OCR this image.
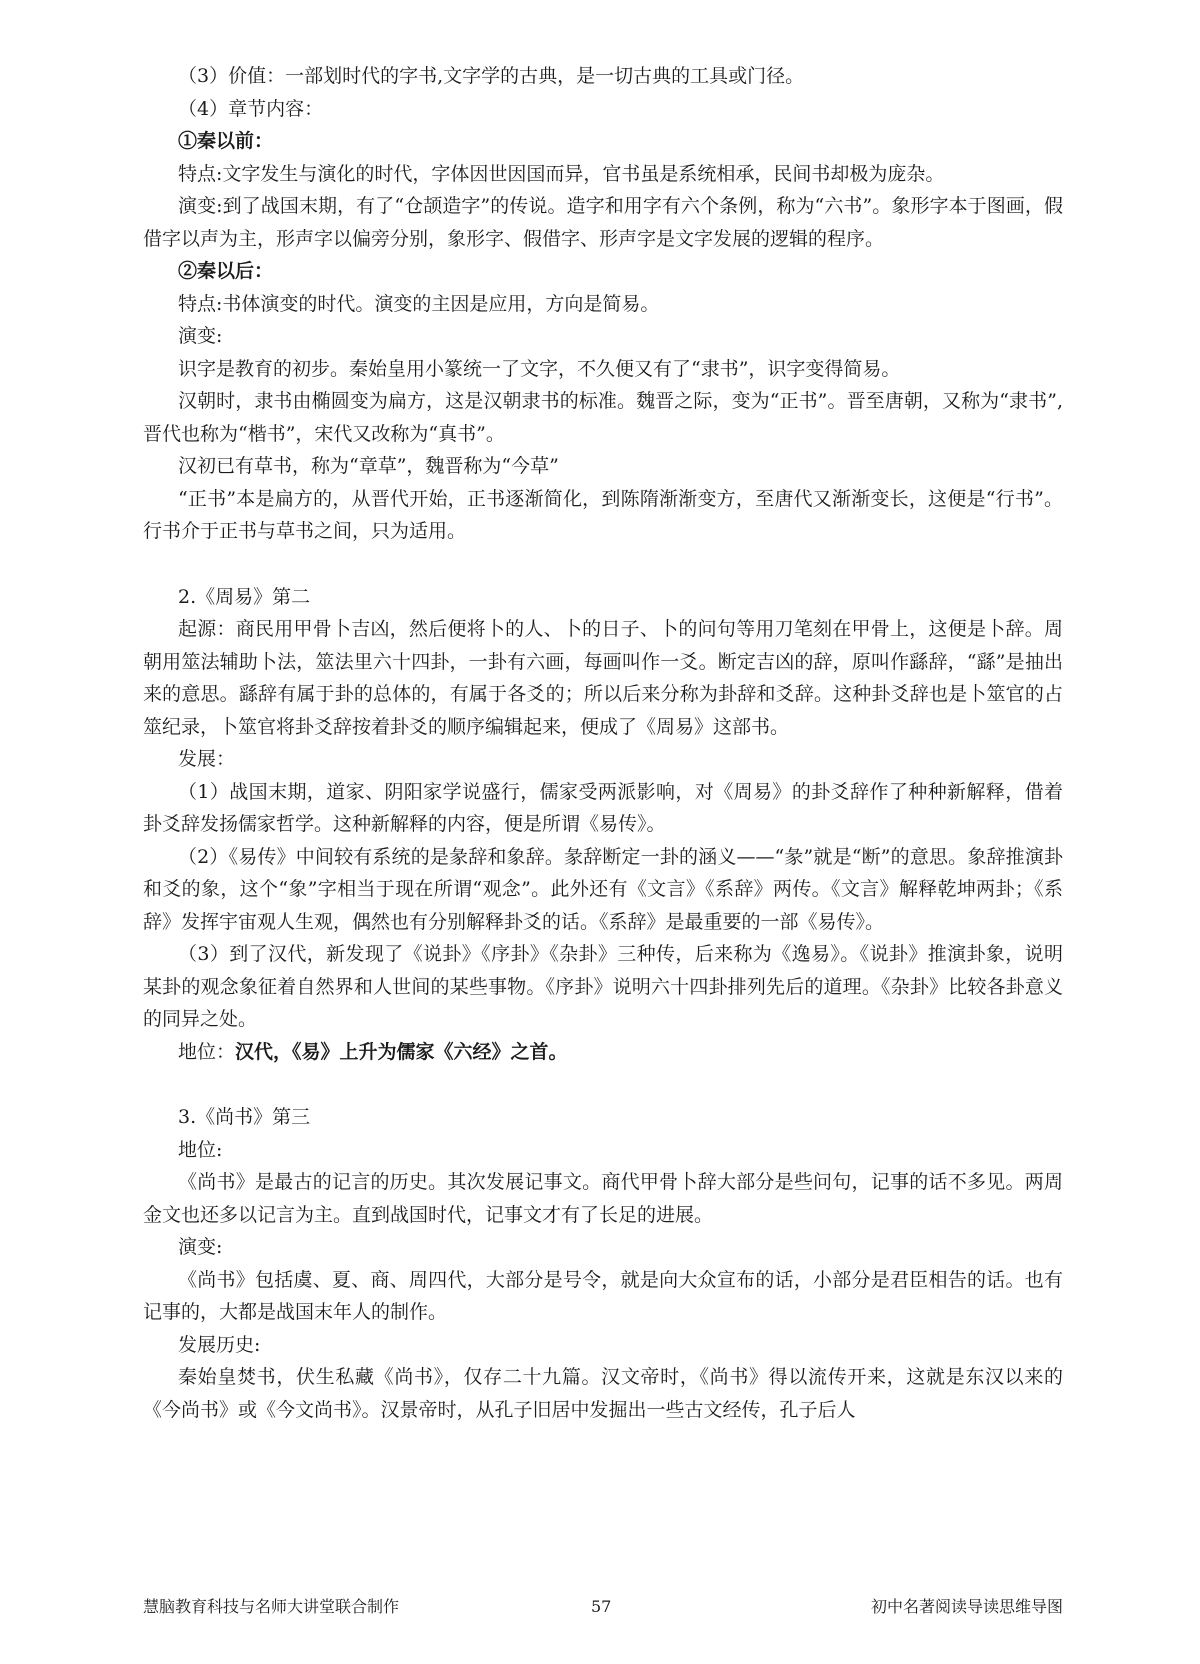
（3）价值：一部划时代的字书,文字学的古典，是一切古典的工具或门径。

（4）章节内容：

①秦以前：

特点:文字发生与演化的时代，字体因世因国而异，官书虽是系统相承，民间书却极为庞杂。

演变:到了战国末期，有了“仓颉造字”的传说。造字和用字有六个条例，称为“六书”。象形字本于图画，假借字以声为主，形声字以偏旁分别，象形字、假借字、形声字是文字发展的逻辑的程序。

②秦以后：

特点:书体演变的时代。演变的主因是应用，方向是简易。

演变:

识字是教育的初步。秦始皇用小篆统一了文字，不久便又有了“隶书”，识字变得简易。

汉朝时，隶书由椭圆变为扁方，这是汉朝隶书的标准。魏晋之际，变为“正书”。晋至唐朝，又称为“隶书”,晋代也称为“楷书”，宋代又改称为“真书”。

汉初已有草书，称为“章草”，魏晋称为“今草”

“正书”本是扁方的，从晋代开始，正书逐渐简化，到陈隋渐渐变方，至唐代又渐渐变长，这便是“行书”。行书介于正书与草书之间，只为适用。

2.《周易》第二

起源：商民用甲骨卜吉凶，然后便将卜的人、卜的日子、卜的问句等用刀笔刻在甲骨上，这便是卜辞。周朝用筮法辅助卜法，筮法里六十四卦，一卦有六画，每画叫作一爻。断定吉凶的辞，原叫作繇辞，“繇”是抽出来的意思。繇辞有属于卦的总体的，有属于各爻的；所以后来分称为卦辞和爻辞。这种卦爻辞也是卜筮官的占筮纪录，卜筮官将卦爻辞按着卦爻的顺序编辑起来，便成了《周易》这部书。

发展：

（1）战国末期，道家、阴阳家学说盛行，儒家受两派影响，对《周易》的卦爻辞作了种种新解释，借着卦爻辞发扬儒家哲学。这种新解释的内容，便是所谓《易传》。

（2）《易传》中间较有系统的是彖辞和象辞。彖辞断定一卦的涵义——“彖”就是“断”的意思。象辞推演卦和爻的象，这个“象”字相当于现在所谓“观念”。此外还有《文言》《系辞》两传。《文言》解释乾坤两卦；《系辞》发挥宇宙观人生观，偶然也有分别解释卦爻的话。《系辞》是最重要的一部《易传》。

（3）到了汉代，新发现了《说卦》《序卦》《杂卦》三种传，后来称为《逸易》。《说卦》推演卦象，说明某卦的观念象征着自然界和人世间的某些事物。《序卦》说明六十四卦排列先后的道理。《杂卦》比较各卦意义的同异之处。

地位：汉代，《易》上升为儒家《六经》之首。

3.《尚书》第三

地位:

《尚书》是最古的记言的历史。其次发展记事文。商代甲骨卜辞大部分是些问句，记事的话不多见。两周金文也还多以记言为主。直到战国时代，记事文才有了长足的进展。

演变:

《尚书》包括虞、夏、商、周四代，大部分是号令，就是向大众宣布的话，小部分是君臣相告的话。也有记事的，大都是战国末年人的制作。

发展历史:

秦始皇焚书，伏生私藏《尚书》，仅存二十九篇。汉文帝时，《尚书》得以流传开来，这就是东汉以来的《今尚书》或《今文尚书》。汉景帝时，从孔子旧居中发掘出一些古文经传，孔子后人

慧脑教育科技与名师大讲堂联合制作	57	初中名著阅读导读思维导图
